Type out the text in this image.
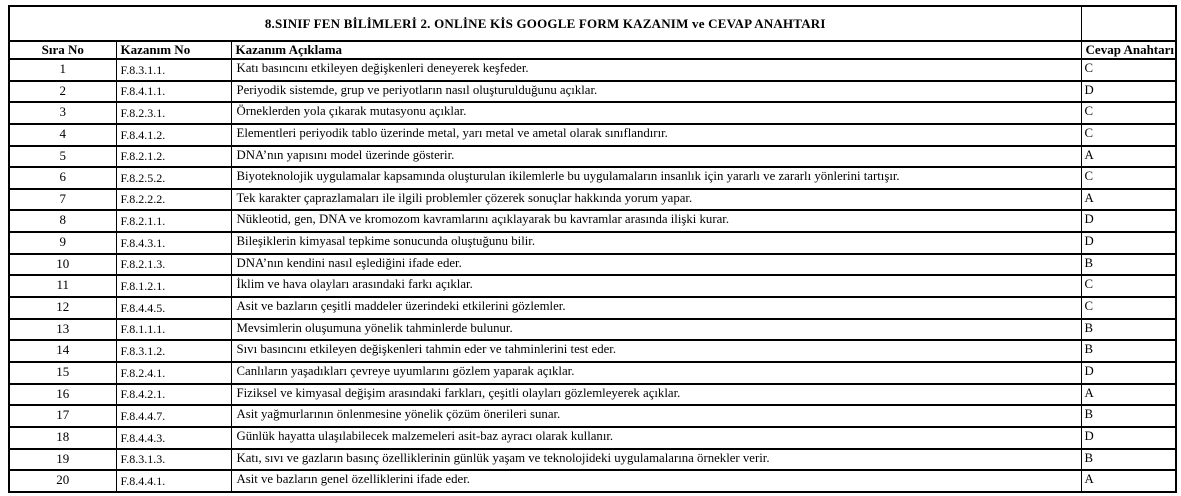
8.SINIF FEN BİLİMLERİ 2. ONLİNE KİS GOOGLE FORM KAZANIM ve CEVAP ANAHTARI			
Sıra No	Kazanım No	Kazanım Açıklama	Cevap Anahtarı
1	F.8.3.1.1.	Katı basıncını etkileyen değişkenleri deneyerek keşfeder.	C
2	F.8.4.1.1.	Periyodik sistemde, grup ve periyotların nasıl oluşturulduğunu açıklar.	D
3	F.8.2.3.1.	Örneklerden yola çıkarak mutasyonu açıklar.	C
4	F.8.4.1.2.	Elementleri periyodik tablo üzerinde metal, yarı metal ve ametal olarak sınıflandırır.	C
5	F.8.2.1.2.	DNA’nın yapısını model üzerinde gösterir.	A
6	F.8.2.5.2.	Biyoteknolojik uygulamalar kapsamında oluşturulan ikilemlerle bu uygulamaların insanlık için yararlı ve zararlı yönlerini tartışır.	C
7	F.8.2.2.2.	Tek karakter çaprazlamaları ile ilgili problemler çözerek sonuçlar hakkında yorum yapar.	A
8	F.8.2.1.1.	Nükleotid, gen, DNA ve kromozom kavramlarını açıklayarak bu kavramlar arasında ilişki kurar.	D
9	F.8.4.3.1.	Bileşiklerin kimyasal tepkime sonucunda oluştuğunu bilir.	D
10	F.8.2.1.3.	DNA’nın kendini nasıl eşlediğini ifade eder.	B
11	F.8.1.2.1.	İklim ve hava olayları arasındaki farkı açıklar.	C
12	F.8.4.4.5.	Asit ve bazların çeşitli maddeler üzerindeki etkilerini gözlemler.	C
13	F.8.1.1.1.	Mevsimlerin oluşumuna yönelik tahminlerde bulunur.	B
14	F.8.3.1.2.	Sıvı basıncını etkileyen değişkenleri tahmin eder ve tahminlerini test eder.	B
15	F.8.2.4.1.	Canlıların yaşadıkları çevreye uyumlarını gözlem yaparak açıklar.	D
16	F.8.4.2.1.	Fiziksel ve kimyasal değişim arasındaki farkları, çeşitli olayları gözlemleyerek açıklar.	A
17	F.8.4.4.7.	Asit yağmurlarının önlenmesine yönelik çözüm önerileri sunar.	B
18	F.8.4.4.3.	Günlük hayatta ulaşılabilecek malzemeleri asit-baz ayracı olarak kullanır.	D
19	F.8.3.1.3.	Katı, sıvı ve gazların basınç özelliklerinin günlük yaşam ve teknolojideki uygulamalarına örnekler verir.	B
20	F.8.4.4.1.	Asit ve bazların genel özelliklerini ifade eder.	A
